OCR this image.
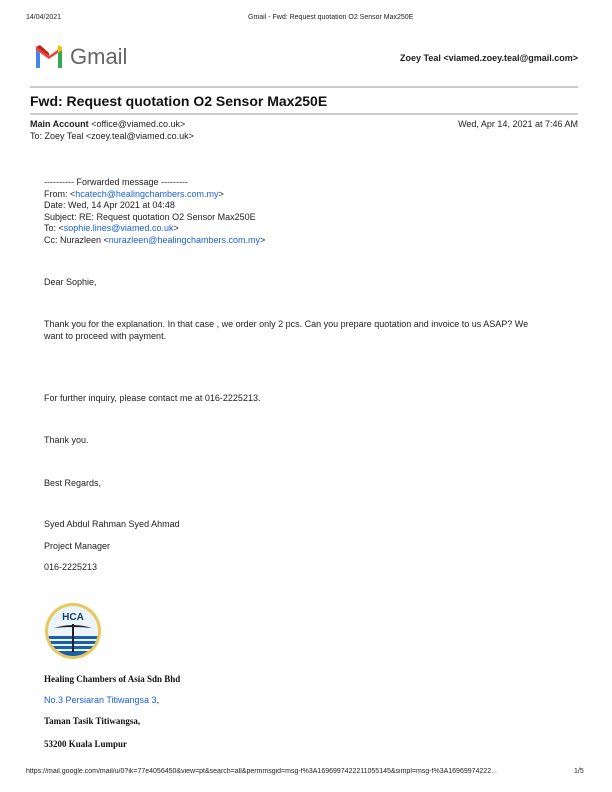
14/04/2021	Gmail - Fwd: Request quotation O2 Sensor Max250E
Gmail	Zoey Teal <viamed.zoey.teal@gmail.com>
Fwd: Request quotation O2 Sensor Max250E
Main Account <office@viamed.co.uk>	Wed, Apr 14, 2021 at 7:46 AM
To: Zoey Teal <zoey.teal@viamed.co.uk>
---------- Forwarded message ---------
From: <hcatech@healingchambers.com.my>
Date: Wed, 14 Apr 2021 at 04:48
Subject: RE: Request quotation O2 Sensor Max250E
To: <sophie.lines@viamed.co.uk>
Cc: Nurazleen <nurazleen@healingchambers.com.my>
Dear Sophie,
Thank you for the explanation. In that case , we order only 2 pcs. Can you prepare quotation and invoice to us ASAP? We
want to proceed with payment.
For further inquiry, please contact me at 016-2225213.
Thank you.
Best Regards,
Syed Abdul Rahman Syed Ahmad
Project Manager
016-2225213
HCA
Healing Chambers of Asia Sdn Bhd
No.3 Persiaran Titiwangsa 3,
Taman Tasik Titiwangsa,
53200 Kuala Lumpur
https://mail.google.com/mail/u/0?ik=77e4056450&view=pt&search=all&permmsgid=msg-f%3A1696997422211055145&simpl=msg-f%3A16969974222...	1/5
